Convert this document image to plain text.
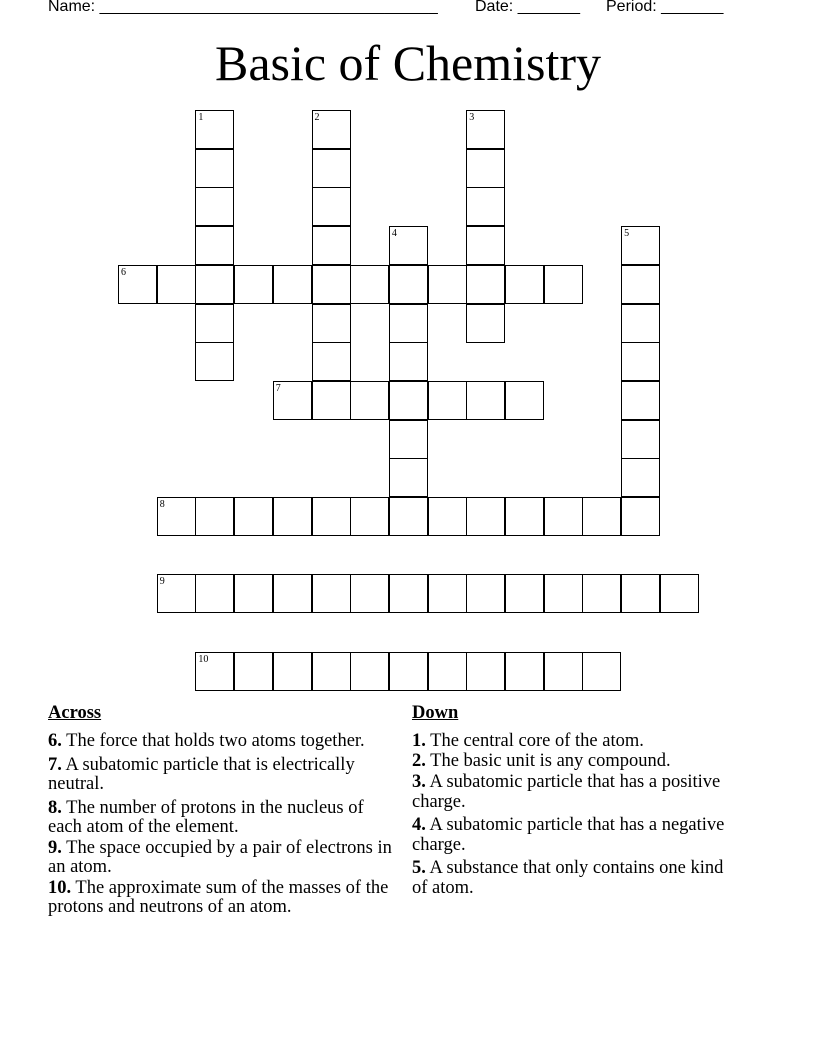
Name: ______________________________________ Date: _______ Period: _______
Basic of Chemistry
1	2	3
4	5
6
7
8
9
10
Across
6. The force that holds two atoms together.
7. A subatomic particle that is electrically neutral.
8. The number of protons in the nucleus of each atom of the element.
9. The space occupied by a pair of electrons in an atom.
10. The approximate sum of the masses of the protons and neutrons of an atom.
Down
1. The central core of the atom.
2. The basic unit is any compound.
3. A subatomic particle that has a positive charge.
4. A subatomic particle that has a negative charge.
5. A substance that only contains one kind of atom.
